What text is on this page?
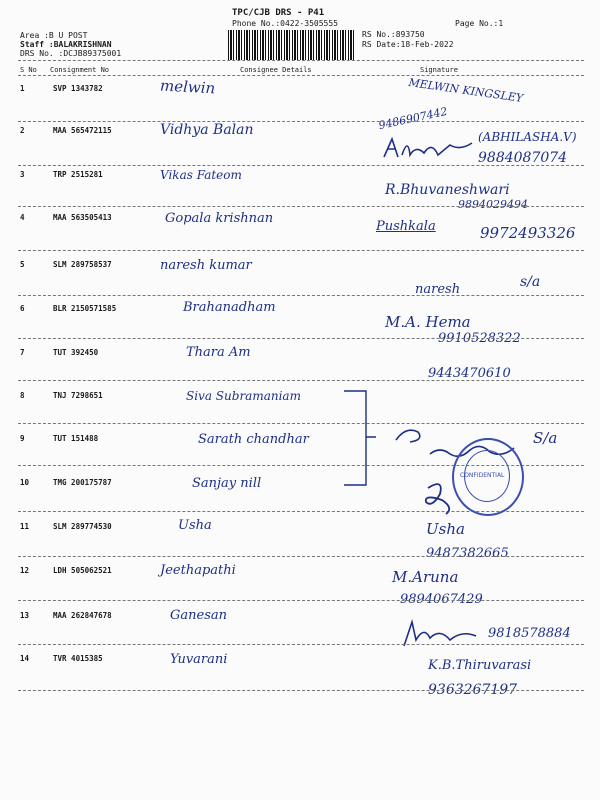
TPC/CJB DRS - P41
Phone No.:0422-3505555	Page No.:1
Area :B U POST
Staff :BALAKRISHNAN
DRS No. :DCJB89375001
RS No.:893750
RS Date:18-Feb-2022
S No Consignment No	Consignee Details	Signature
1	SVP 1343782	melwin	MELWIN KINGSLEY
9486907442
2	MAA 565472115	Vidhya Balan	(ABHILASHA.V)
9884087074
3	TRP 2515281	Vikas Fateom
R.Bhuvaneshwari
9894029494
4	MAA 563505413	Gopala krishnan
Pushkala	9972493326
5	SLM 289758537	naresh kumar
naresh	s/a
6	BLR 2150571585	Brahanadham
M.A. Hema
9910528322
7	TUT 392450	Thara Am
9443470610
8	TNJ 7298651	Siva Subramaniam
9	TUT 151488	Sarath chandhar	S/a
10	TMG 200175787	Sanjay nill
CONFIDENTIAL
11	SLM 289774530	Usha	Usha
9487382665
12	LDH 505062521	Jeethapathi	M.Aruna
9894067429
13	MAA 262847678	Ganesan
9818578884
14	TVR 4015385	Yuvarani	K.B.Thiruvarasi
9363267197
